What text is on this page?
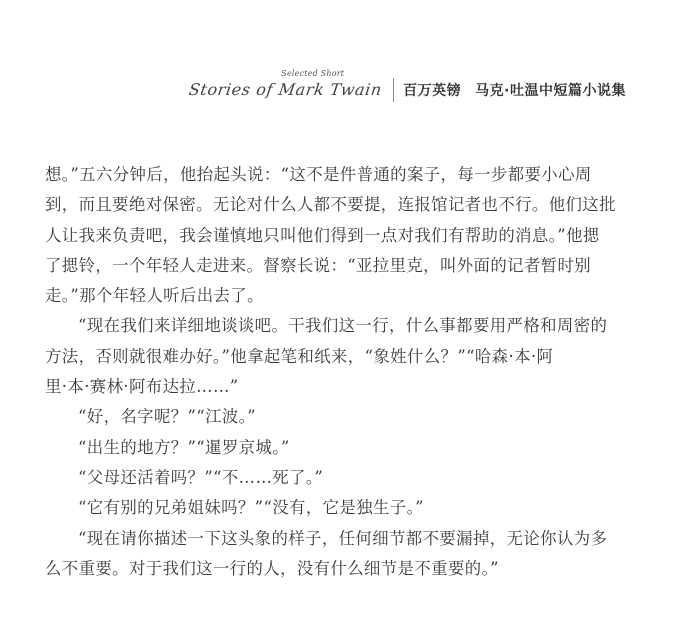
Selected Short
Stories of Mark Twain 百万英镑 马克·吐温中短篇小说集
想。”五六分钟后，他抬起头说：“这不是件普通的案子，每一步都要小心周
到，而且要绝对保密。无论对什么人都不要提，连报馆记者也不行。他们这批
人让我来负责吧，我会谨慎地只叫他们得到一点对我们有帮助的消息。”他揌
了揌铃，一个年轻人走进来。督察长说：“亚拉里克，叫外面的记者暂时别
走。”那个年轻人听后出去了。
“现在我们来详细地谈谈吧。干我们这一行，什么事都要用严格和周密的
方法，否则就很难办好。”他拿起笔和纸来，“象姓什么？”“哈森·本·阿
里·本·赛林·阿布达拉……”
“好，名字呢？”“江波。”
“出生的地方？”“暹罗京城。”
“父母还活着吗？”“不……死了。”
“它有别的兄弟姐妹吗？”“没有，它是独生子。”
“现在请你描述一下这头象的样子，任何细节都不要漏掉，无论你认为多
么不重要。对于我们这一行的人，没有什么细节是不重要的。”
